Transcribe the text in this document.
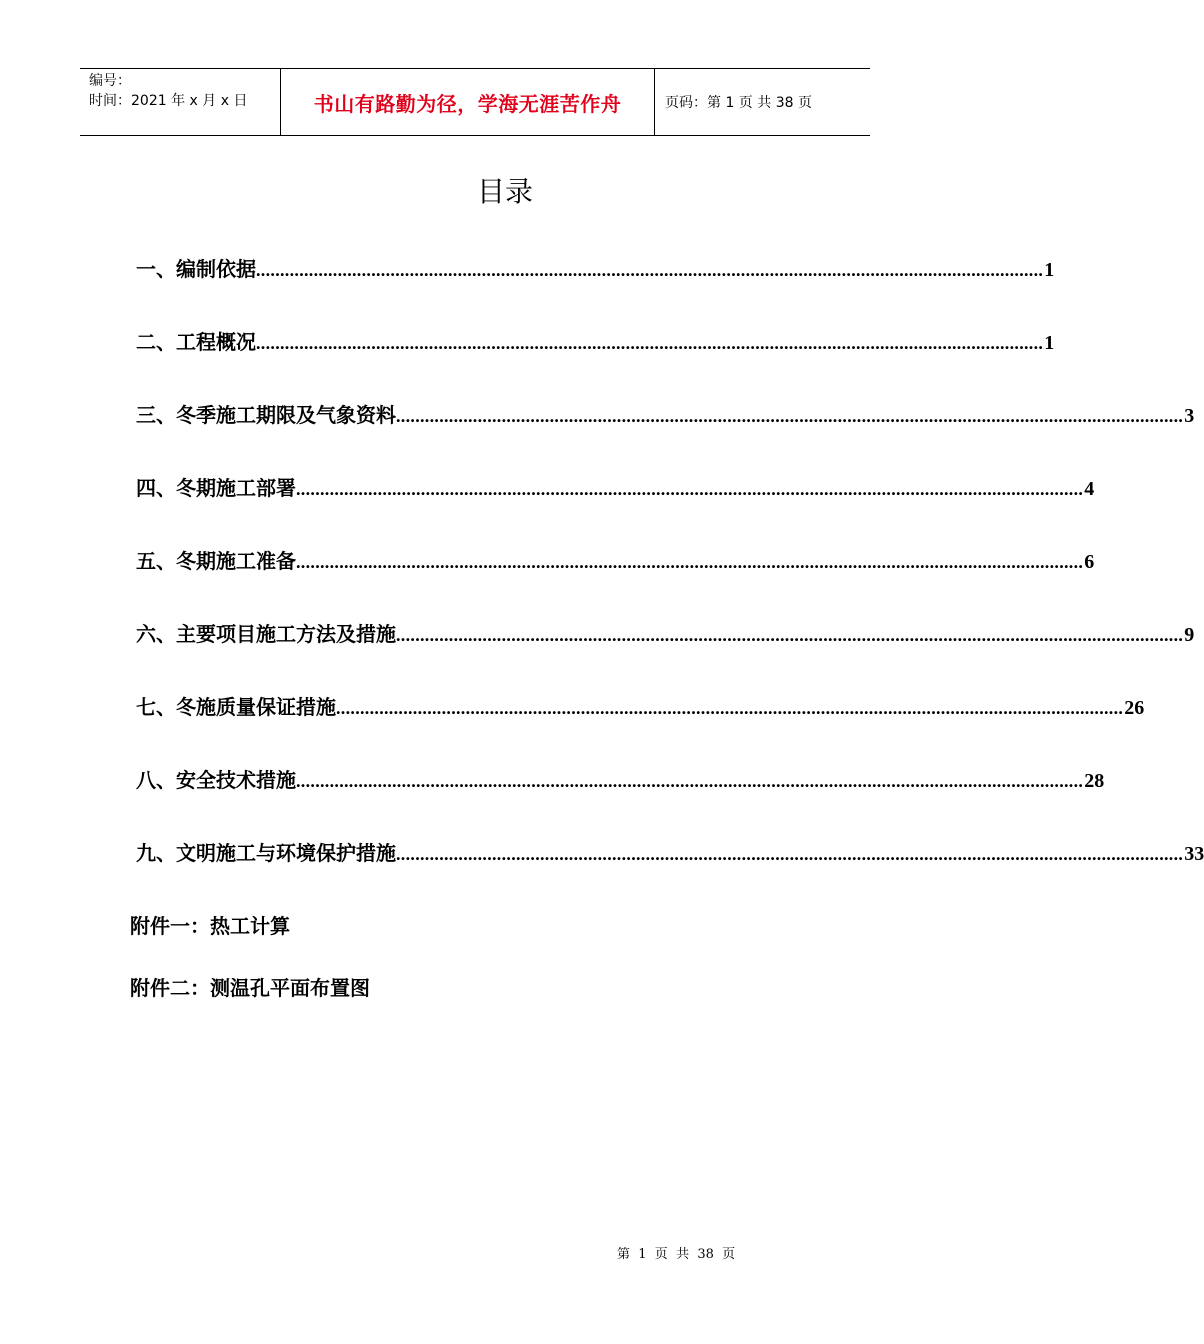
编号：
时间：2021 年 x 月 x 日	书山有路勤为径，学海无涯苦作舟	页码：第 1 页 共 38 页
目录
一、编制依据 .................................................................................................................................................................... 1
二、工程概况 .................................................................................................................................................................... 1
三、冬季施工期限及气象资料 .................................................................................................................................................................... 3
四、冬期施工部署 .................................................................................................................................................................... 4
五、冬期施工准备 .................................................................................................................................................................... 6
六、主要项目施工方法及措施 .................................................................................................................................................................... 9
七、冬施质量保证措施 .................................................................................................................................................................... 26
八、安全技术措施 .................................................................................................................................................................... 28
九、文明施工与环境保护措施 .................................................................................................................................................................... 33
附件一：热工计算
附件二：测温孔平面布置图
第  1  页  共  38  页
